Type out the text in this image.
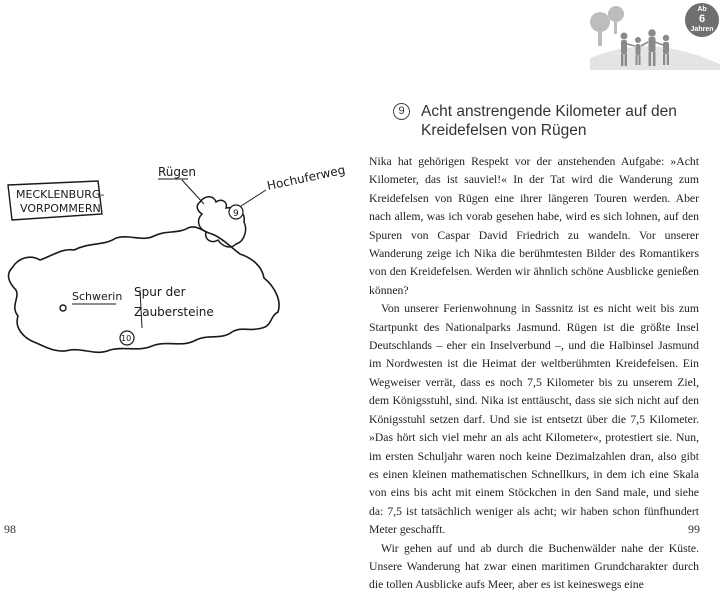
MECKLENBURG-
VORPOMMERN
Rügen	Hochuferweg
9
Schwerin Spur der
Zaubersteine
10
98
Ab
6
Jahren
9	Acht anstrengende Kilometer auf den Kreidefelsen von Rügen

Nika hat gehörigen Respekt vor der anstehenden Aufgabe: »Acht Kilometer, das ist sauviel!« In der Tat wird die Wanderung zum Kreidefelsen von Rügen eine ihrer längeren Touren werden. Aber nach allem, was ich vorab gesehen habe, wird es sich lohnen, auf den Spuren von Caspar David Friedrich zu wandeln. Vor unserer Wanderung zeige ich Nika die berühmtesten Bilder des Romantikers von den Kreidefelsen. Werden wir ähnlich schöne Ausblicke genießen können?

Von unserer Ferienwohnung in Sassnitz ist es nicht weit bis zum Startpunkt des Nationalparks Jasmund. Rügen ist die größte Insel Deutschlands – eher ein Inselverbund –, und die Halbinsel Jasmund im Nordwesten ist die Heimat der weltberühmten Kreidefelsen. Ein Wegweiser verrät, dass es noch 7,5 Kilometer bis zu unserem Ziel, dem Königsstuhl, sind. Nika ist enttäuscht, dass sie sich nicht auf den Königsstuhl setzen darf. Und sie ist entsetzt über die 7,5 Kilometer. »Das hört sich viel mehr an als acht Kilometer«, protestiert sie. Nun, im ersten Schuljahr waren noch keine Dezimalzahlen dran, also gibt es einen kleinen mathematischen Schnellkurs, in dem ich eine Skala von eins bis acht mit einem Stöckchen in den Sand male, und siehe da: 7,5 ist tatsächlich weniger als acht; wir haben schon fünfhundert Meter geschafft.

Wir gehen auf und ab durch die Buchenwälder nahe der Küste. Unsere Wanderung hat zwar einen maritimen Grundcharakter durch die tollen Ausblicke aufs Meer, aber es ist keineswegs eine

99
